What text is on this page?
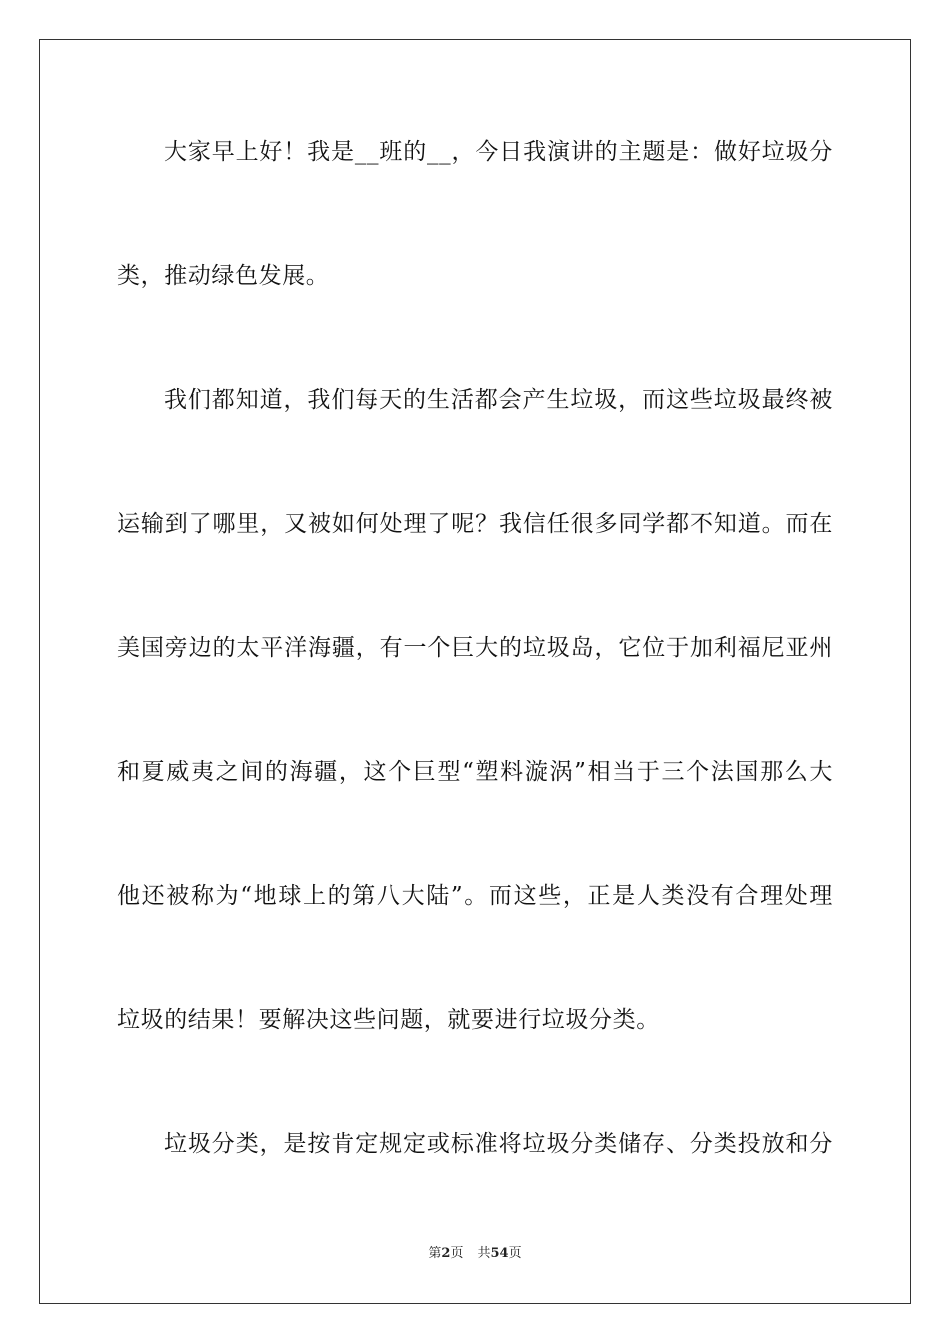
大家早上好！我是__班的__，今日我演讲的主题是：做好垃圾分
类，推动绿色发展。
我们都知道，我们每天的生活都会产生垃圾，而这些垃圾最终被
运输到了哪里，又被如何处理了呢？我信任很多同学都不知道。而在
美国旁边的太平洋海疆，有一个巨大的垃圾岛，它位于加利福尼亚州
和夏威夷之间的海疆，这个巨型“塑料漩涡”相当于三个法国那么大
他还被称为“地球上的第八大陆”。而这些，正是人类没有合理处理
垃圾的结果！要解决这些问题，就要进行垃圾分类。
垃圾分类，是按肯定规定或标准将垃圾分类储存、分类投放和分
第2页 共54页
